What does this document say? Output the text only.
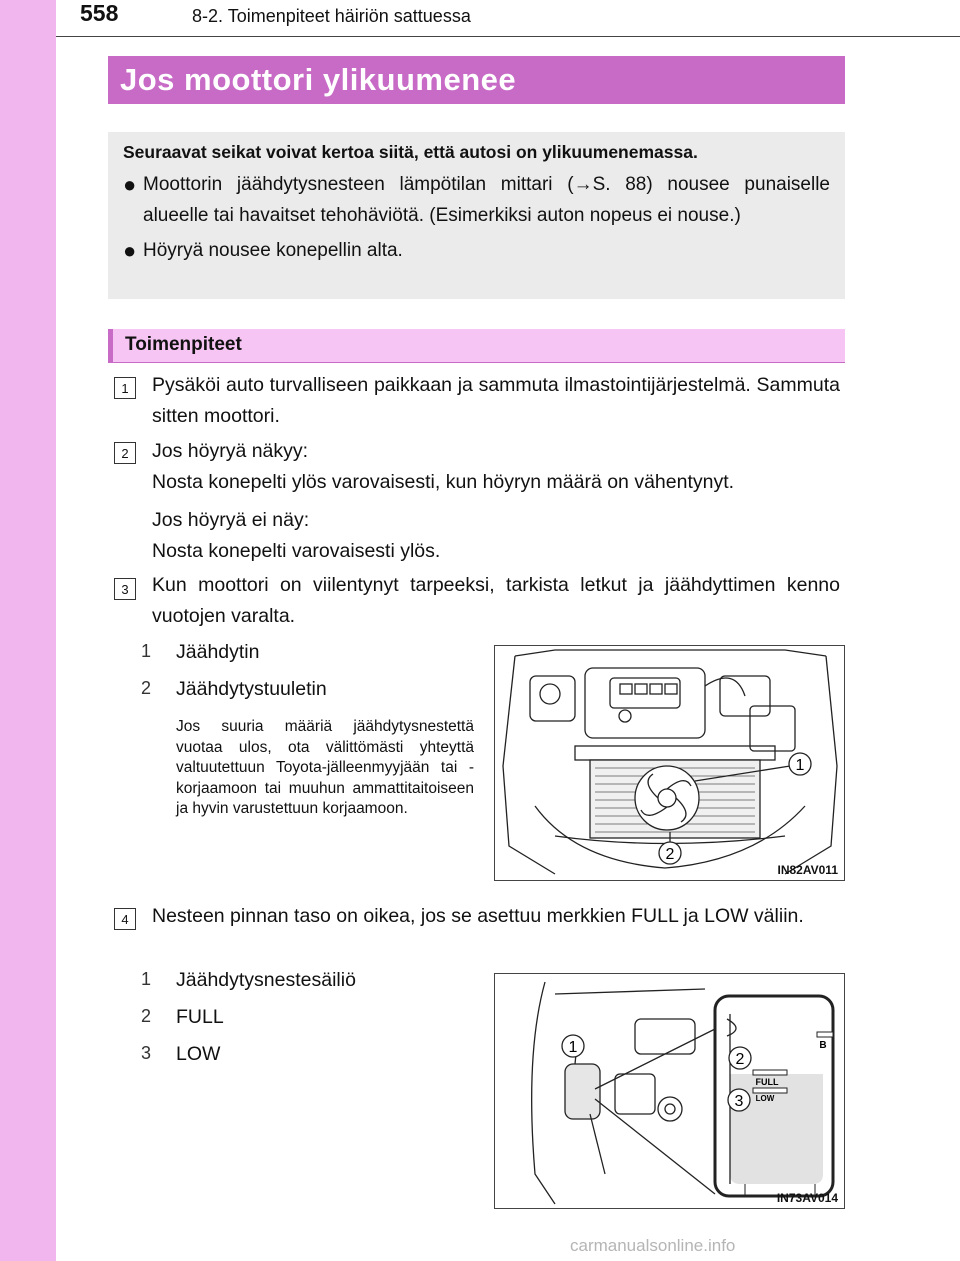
558	8-2. Toimenpiteet häiriön sattuessa
Jos moottori ylikuumenee
Seuraavat seikat voivat kertoa siitä, että autosi on ylikuumenemassa.
● Moottorin jäähdytysnesteen lämpötilan mittari (→S. 88) nousee punaiselle alueelle tai havaitset tehohäviötä. (Esimerkiksi auton nopeus ei nouse.)
● Höyryä nousee konepellin alta.
Toimenpiteet
1	Pysäköi auto turvalliseen paikkaan ja sammuta ilmastointijärjestelmä. Sammuta sitten moottori.
2	Jos höyryä näkyy:
Nosta konepelti ylös varovaisesti, kun höyryn määrä on vähentynyt.
Jos höyryä ei näy:
Nosta konepelti varovaisesti ylös.
3	Kun moottori on viilentynyt tarpeeksi, tarkista letkut ja jäähdyttimen kenno vuotojen varalta.
1	Jäähdytin
2	Jäähdytystuuletin
Jos suuria määriä jäähdytysnestettä vuotaa ulos, ota välittömästi yhteyttä valtuutettuun Toyota-jälleenmyyjään tai -korjaamoon tai muuhun ammattitaitoiseen ja hyvin varustettuun korjaamoon.
1
2
IN82AV011
4	Nesteen pinnan taso on oikea, jos se asettuu merkkien FULL ja LOW väliin.
1	Jäähdytysnestesäiliö
2	FULL
3	LOW	B
FULL
LOW
1
2
3
IN73AV014
carmanualsonline.info
